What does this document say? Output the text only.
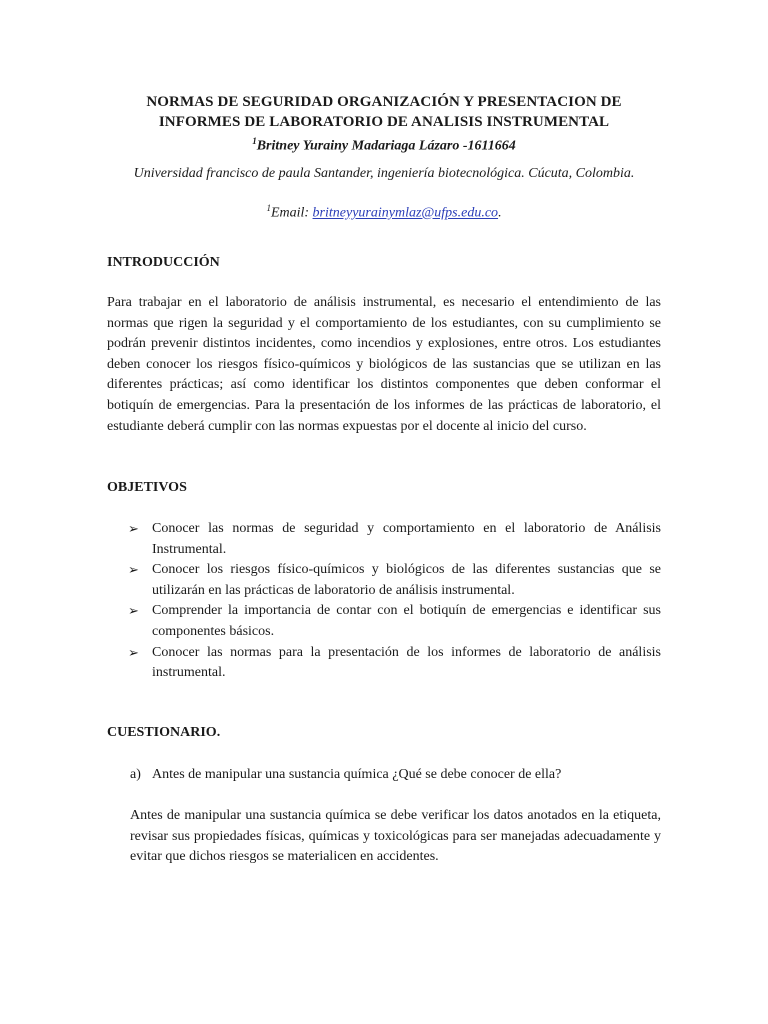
NORMAS DE SEGURIDAD ORGANIZACIÓN Y PRESENTACION DE
INFORMES DE LABORATORIO DE ANALISIS INSTRUMENTAL
$^1$Britney Yurainy Madariaga Lázaro -1611664
Universidad francisco de paula Santander, ingeniería biotecnológica. Cúcuta, Colombia.
$^1$Email: britneyyurainymlaz@ufps.edu.co.
INTRODUCCIÓN
Para trabajar en el laboratorio de análisis instrumental, es necesario el entendimiento de las normas que rigen la seguridad y el comportamiento de los estudiantes, con su cumplimiento se podrán prevenir distintos incidentes, como incendios y explosiones, entre otros. Los estudiantes deben conocer los riesgos físico-químicos y biológicos de las sustancias que se utilizan en las diferentes prácticas; así como identificar los distintos componentes que deben conformar el botiquín de emergencias. Para la presentación de los informes de las prácticas de laboratorio, el estudiante deberá cumplir con las normas expuestas por el docente al inicio del curso.
OBJETIVOS
➢ Conocer las normas de seguridad y comportamiento en el laboratorio de Análisis Instrumental.
➢ Conocer los riesgos físico-químicos y biológicos de las diferentes sustancias que se utilizarán en las prácticas de laboratorio de análisis instrumental.
➢ Comprender la importancia de contar con el botiquín de emergencias e identificar sus componentes básicos.
➢ Conocer las normas para la presentación de los informes de laboratorio de análisis instrumental.
CUESTIONARIO.
a) Antes de manipular una sustancia química ¿Qué se debe conocer de ella?
Antes de manipular una sustancia química se debe verificar los datos anotados en la etiqueta, revisar sus propiedades físicas, químicas y toxicológicas para ser manejadas adecuadamente y evitar que dichos riesgos se materialicen en accidentes.
